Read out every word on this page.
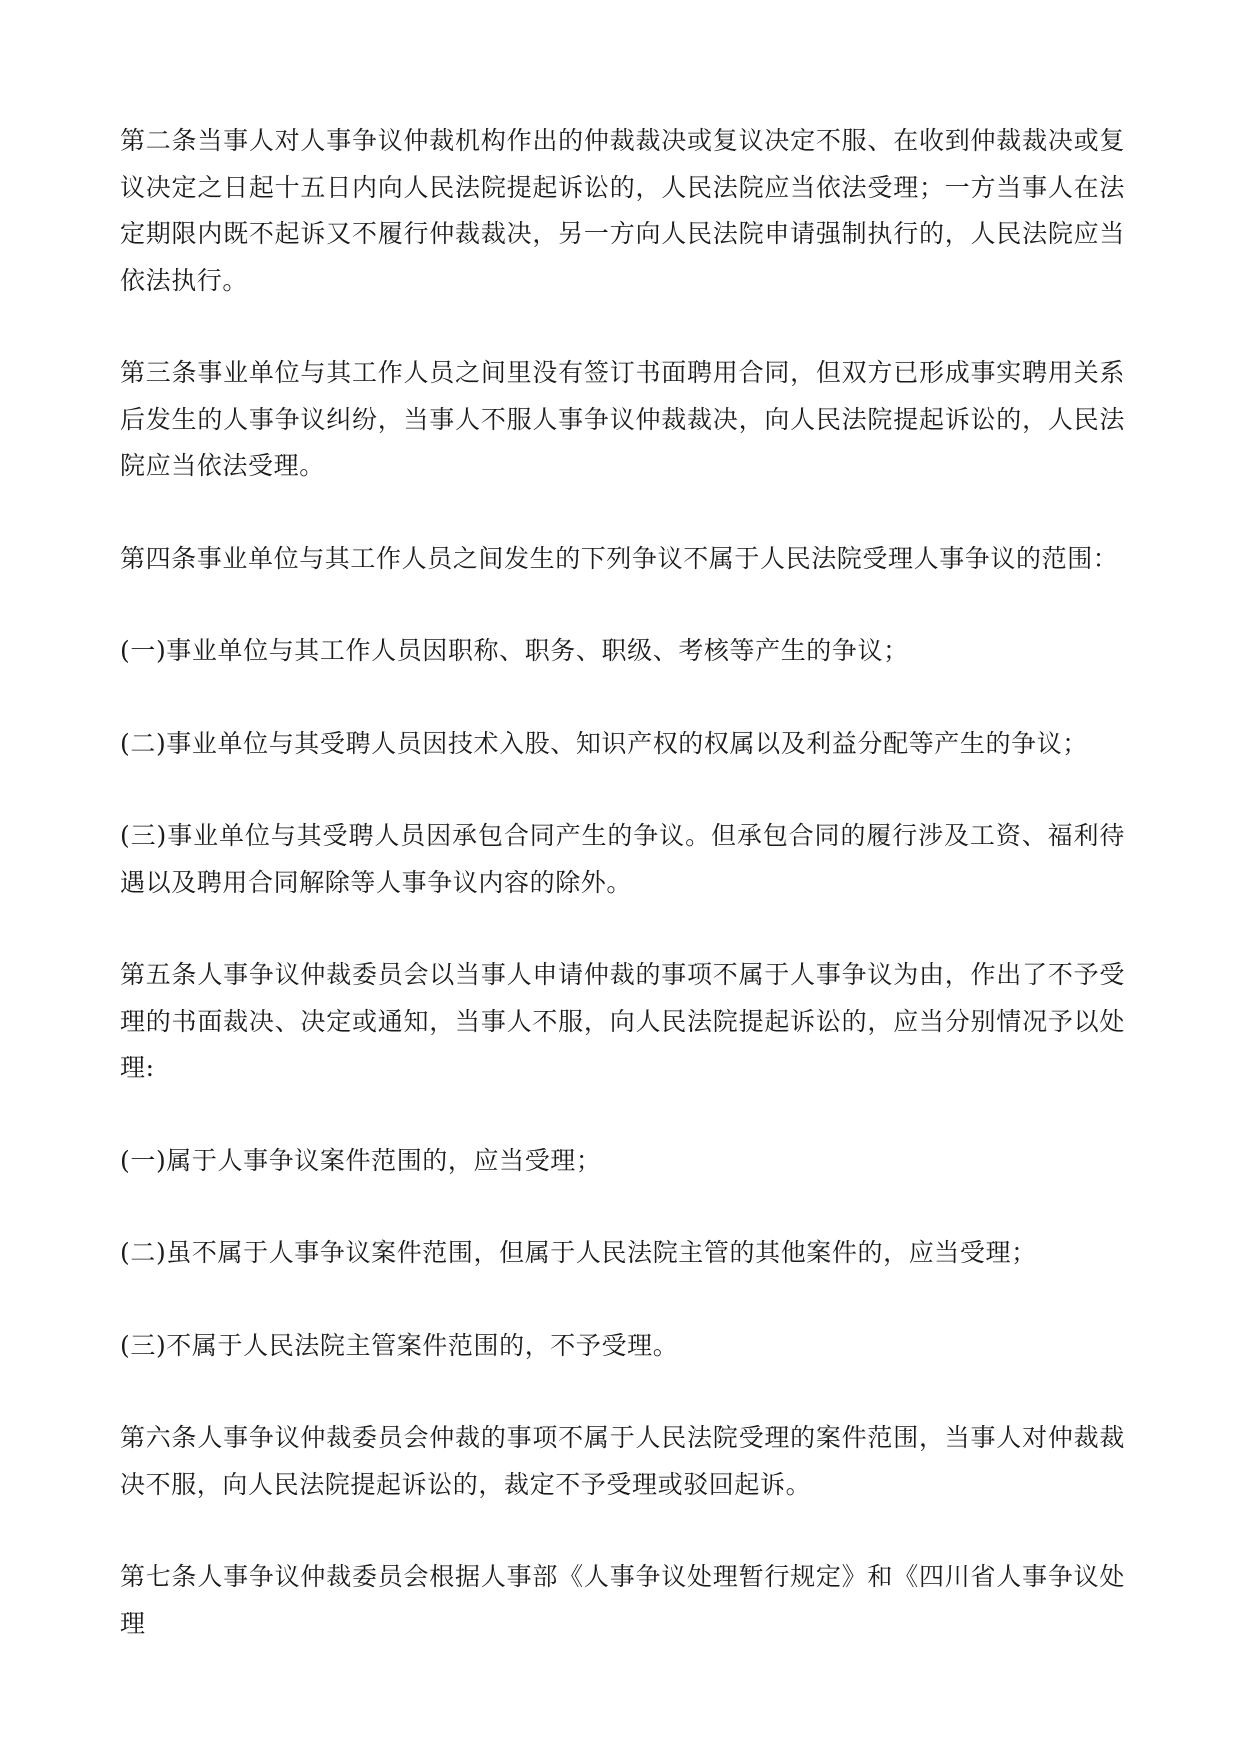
第二条当事人对人事争议仲裁机构作出的仲裁裁决或复议决定不服、在收到仲裁裁决或复议决定之日起十五日内向人民法院提起诉讼的，人民法院应当依法受理；一方当事人在法定期限内既不起诉又不履行仲裁裁决，另一方向人民法院申请强制执行的，人民法院应当依法执行。

第三条事业单位与其工作人员之间里没有签订书面聘用合同，但双方已形成事实聘用关系后发生的人事争议纠纷，当事人不服人事争议仲裁裁决，向人民法院提起诉讼的，人民法院应当依法受理。

第四条事业单位与其工作人员之间发生的下列争议不属于人民法院受理人事争议的范围：

(一)事业单位与其工作人员因职称、职务、职级、考核等产生的争议；

(二)事业单位与其受聘人员因技术入股、知识产权的权属以及利益分配等产生的争议；

(三)事业单位与其受聘人员因承包合同产生的争议。但承包合同的履行涉及工资、福利待遇以及聘用合同解除等人事争议内容的除外。

第五条人事争议仲裁委员会以当事人申请仲裁的事项不属于人事争议为由，作出了不予受理的书面裁决、决定或通知，当事人不服，向人民法院提起诉讼的，应当分别情况予以处理:

(一)属于人事争议案件范围的，应当受理；

(二)虽不属于人事争议案件范围，但属于人民法院主管的其他案件的，应当受理；

(三)不属于人民法院主管案件范围的，不予受理。

第六条人事争议仲裁委员会仲裁的事项不属于人民法院受理的案件范围，当事人对仲裁裁决不服，向人民法院提起诉讼的，裁定不予受理或驳回起诉。

第七条人事争议仲裁委员会根据人事部《人事争议处理暂行规定》和《四川省人事争议处理
